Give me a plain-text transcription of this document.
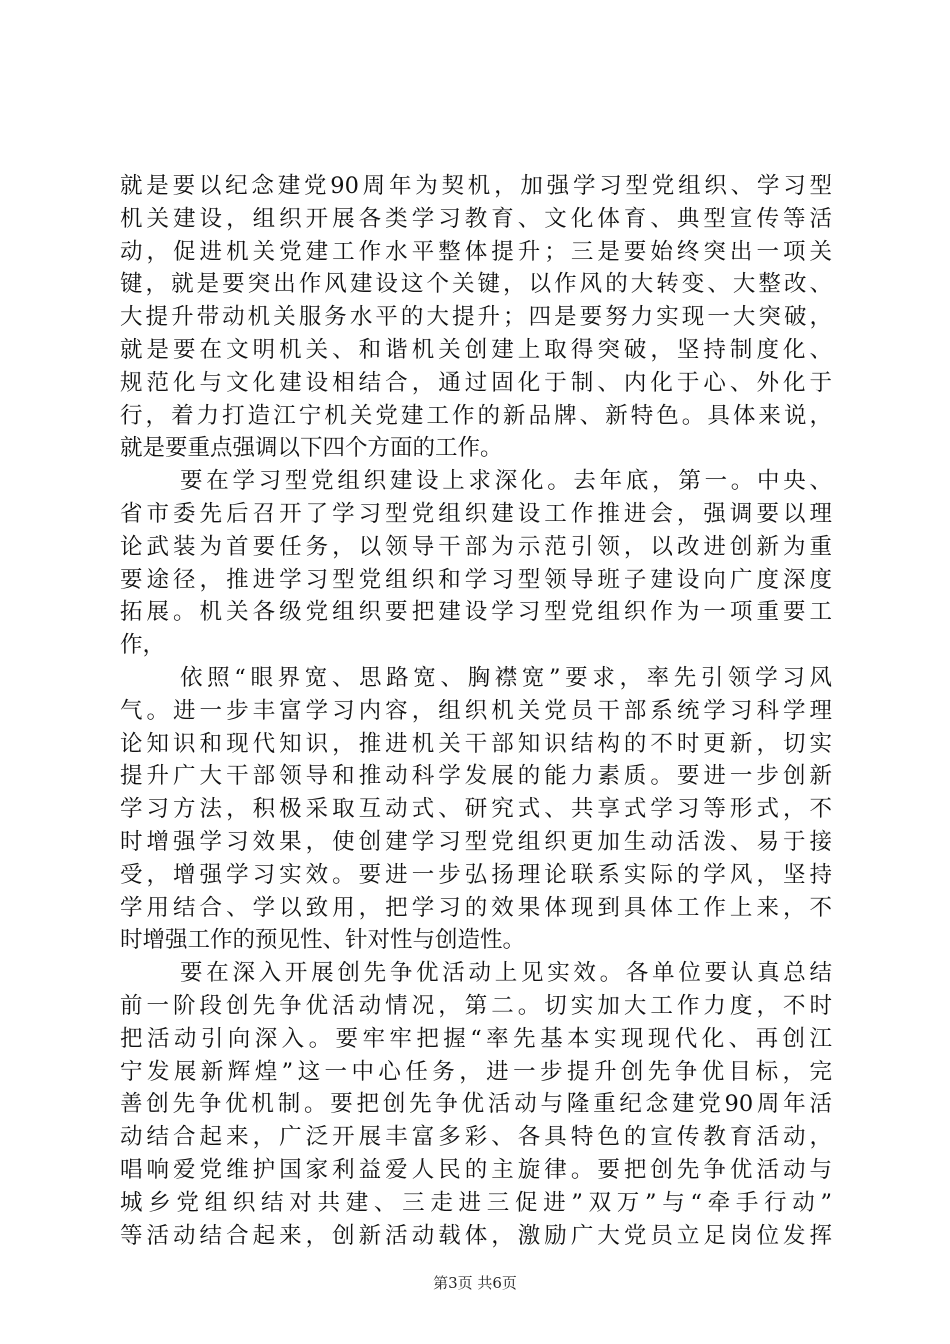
就是要以纪念建党90周年为契机，加强学习型党组织、学习型
机关建设，组织开展各类学习教育、文化体育、典型宣传等活
动，促进机关党建工作水平整体提升；三是要始终突出一项关
键，就是要突出作风建设这个关键，以作风的大转变、大整改、
大提升带动机关服务水平的大提升；四是要努力实现一大突破，
就是要在文明机关、和谐机关创建上取得突破，坚持制度化、
规范化与文化建设相结合，通过固化于制、内化于心、外化于
行，着力打造江宁机关党建工作的新品牌、新特色。具体来说，
就是要重点强调以下四个方面的工作。
要在学习型党组织建设上求深化。去年底，第一。中央、
省市委先后召开了学习型党组织建设工作推进会，强调要以理
论武装为首要任务，以领导干部为示范引领，以改进创新为重
要途径，推进学习型党组织和学习型领导班子建设向广度深度
拓展。机关各级党组织要把建设学习型党组织作为一项重要工
作，
依照“眼界宽、思路宽、胸襟宽”要求，率先引领学习风
气。进一步丰富学习内容，组织机关党员干部系统学习科学理
论知识和现代知识，推进机关干部知识结构的不时更新，切实
提升广大干部领导和推动科学发展的能力素质。要进一步创新
学习方法，积极采取互动式、研究式、共享式学习等形式，不
时增强学习效果，使创建学习型党组织更加生动活泼、易于接
受，增强学习实效。要进一步弘扬理论联系实际的学风，坚持
学用结合、学以致用，把学习的效果体现到具体工作上来，不
时增强工作的预见性、针对性与创造性。
要在深入开展创先争优活动上见实效。各单位要认真总结
前一阶段创先争优活动情况，第二。切实加大工作力度，不时
把活动引向深入。要牢牢把握“率先基本实现现代化、再创江
宁发展新辉煌”这一中心任务，进一步提升创先争优目标，完
善创先争优机制。要把创先争优活动与隆重纪念建党90周年活
动结合起来，广泛开展丰富多彩、各具特色的宣传教育活动，
唱响爱党维护国家利益爱人民的主旋律。要把创先争优活动与
城乡党组织结对共建、三走进三促进”双万”与“牵手行动”
等活动结合起来，创新活动载体，激励广大党员立足岗位发挥
第3页 共6页
